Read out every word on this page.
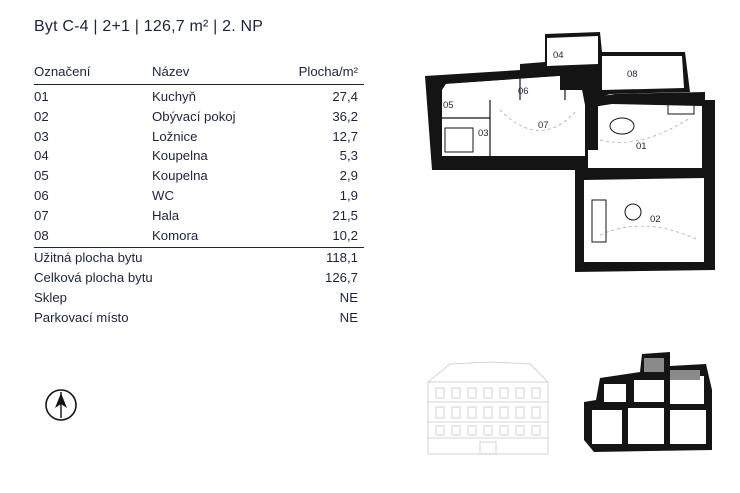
Byt C-4 | 2+1 | 126,7 m² | 2. NP
Označení	Název	Plocha/m²
01	Kuchyň	27,4
02	Obývací pokoj	36,2
03	Ložnice	12,7
04	Koupelna	5,3
05	Koupelna	2,9
06	WC	1,9
07	Hala	21,5
08	Komora	10,2
Užitná plocha bytu	118,1
Celková plocha bytu	126,7
Sklep	NE
Parkovací místo	NE
04
08
05
06
03
07
01
02
